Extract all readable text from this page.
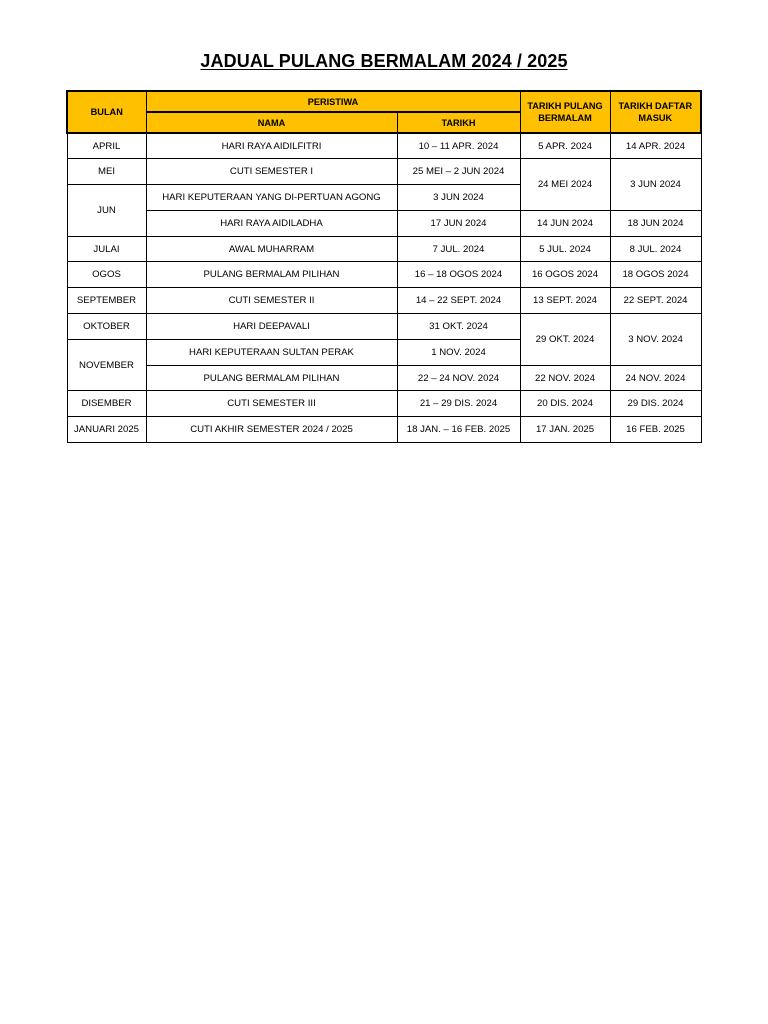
JADUAL PULANG BERMALAM 2024 / 2025
BULAN	PERISTIWA		TARIKH PULANG BERMALAM	TARIKH DAFTAR MASUK
	NAMA	TARIKH		
APRIL	HARI RAYA AIDILFITRI	10 – 11 APR. 2024	5 APR. 2024	14 APR. 2024
MEI	CUTI SEMESTER I	25 MEI – 2 JUN 2024	24 MEI 2024	3 JUN 2024
JUN	HARI KEPUTERAAN YANG DI-PERTUAN AGONG	3 JUN 2024		
	HARI RAYA AIDILADHA	17 JUN 2024	14 JUN 2024	18 JUN 2024
JULAI	AWAL MUHARRAM	7 JUL. 2024	5 JUL. 2024	8 JUL. 2024
OGOS	PULANG BERMALAM PILIHAN	16 – 18 OGOS 2024	16 OGOS 2024	18 OGOS 2024
SEPTEMBER	CUTI SEMESTER II	14 – 22 SEPT. 2024	13 SEPT. 2024	22 SEPT. 2024
OKTOBER	HARI DEEPAVALI	31 OKT. 2024	29 OKT. 2024	3 NOV. 2024
NOVEMBER	HARI KEPUTERAAN SULTAN PERAK	1 NOV. 2024		
	PULANG BERMALAM PILIHAN	22 – 24 NOV. 2024	22 NOV. 2024	24 NOV. 2024
DISEMBER	CUTI SEMESTER III	21 – 29 DIS. 2024	20 DIS. 2024	29 DIS. 2024
JANUARI 2025	CUTI AKHIR SEMESTER 2024 / 2025	18 JAN. – 16 FEB. 2025	17 JAN. 2025	16 FEB. 2025
